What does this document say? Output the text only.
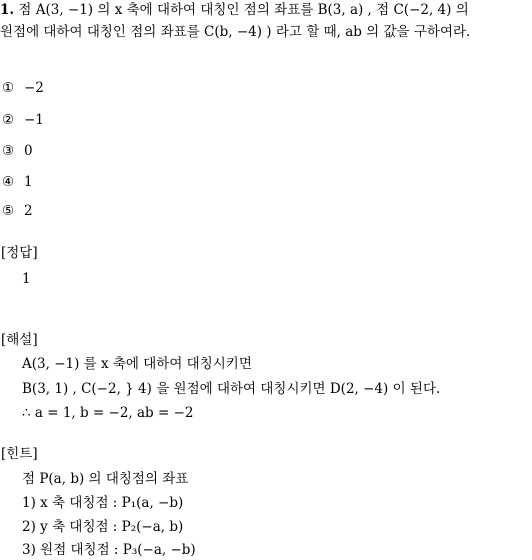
1. 점 A(3, −1) 의 x 축에 대하여 대칭인 점의 좌표를 B(3, a) , 점 C(−2, 4) 의
원점에 대하여 대칭인 점의 좌표를 C(b, −4) ) 라고 할 때, ab 의 값을 구하여라.
① −2
② −1
③ 0
④ 1
⑤ 2
[정답]
1
[해설]
A(3, −1) 를 x 축에 대하여 대칭시키면
B(3, 1) , C(−2, } 4) 을 원점에 대하여 대칭시키면 D(2, −4) 이 된다.
∴ a = 1, b = −2, ab = −2
[힌트]
점 P(a, b) 의 대칭점의 좌표
1) x 축 대칭점 : P₁(a, −b)
2) y 축 대칭점 : P₂(−a, b)
3) 원점 대칭점 : P₃(−a, −b)
